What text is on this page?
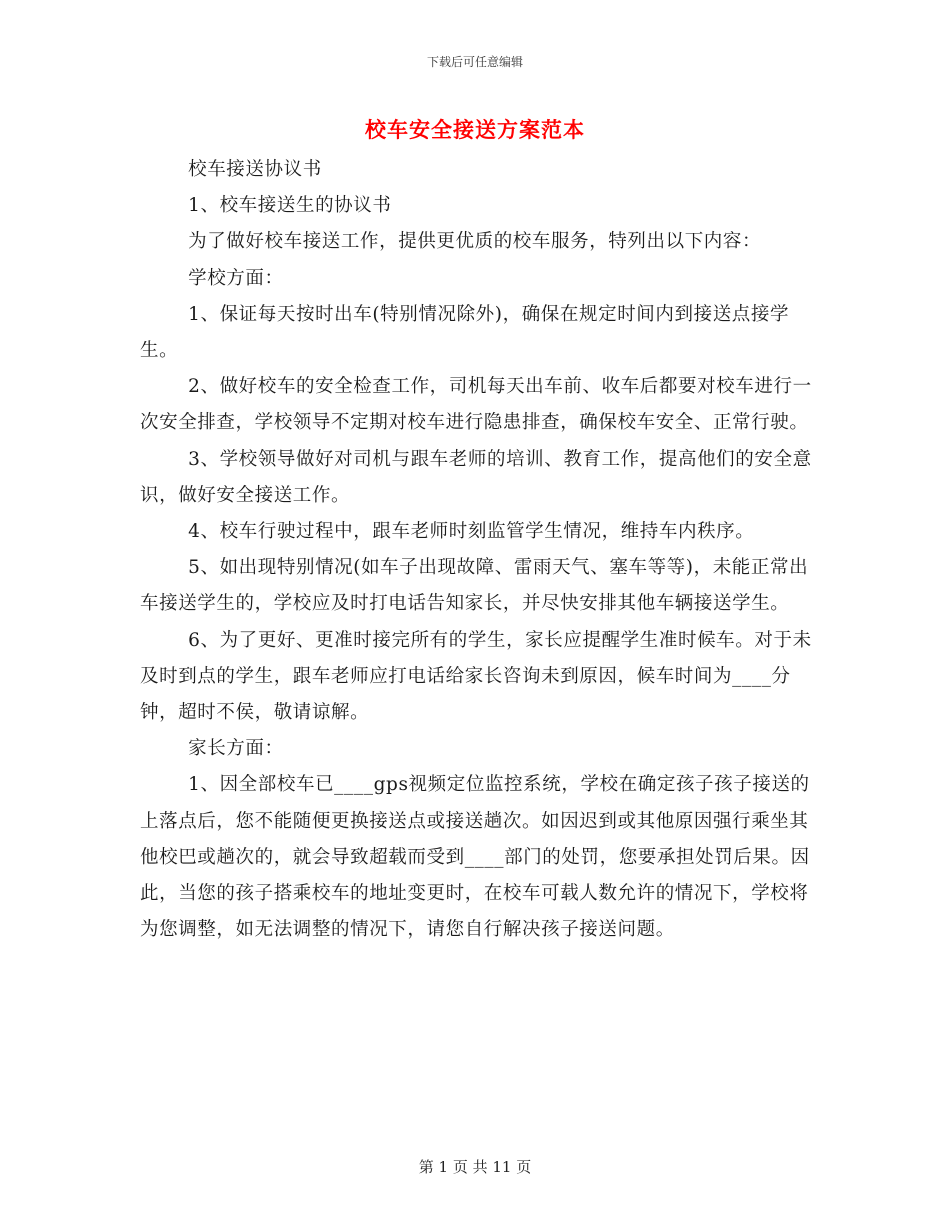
下载后可任意编辑
校车安全接送方案范本

校车接送协议书

1、校车接送生的协议书

为了做好校车接送工作，提供更优质的校车服务，特列出以下内容：

学校方面：

1、保证每天按时出车(特别情况除外)，确保在规定时间内到接送点接学生。

2、做好校车的安全检查工作，司机每天出车前、收车后都要对校车进行一次安全排查，学校领导不定期对校车进行隐患排查，确保校车安全、正常行驶。

3、学校领导做好对司机与跟车老师的培训、教育工作，提高他们的安全意识，做好安全接送工作。

4、校车行驶过程中，跟车老师时刻监管学生情况，维持车内秩序。

5、如出现特别情况(如车子出现故障、雷雨天气、塞车等等)，未能正常出车接送学生的，学校应及时打电话告知家长，并尽快安排其他车辆接送学生。

6、为了更好、更准时接完所有的学生，家长应提醒学生准时候车。对于未及时到点的学生，跟车老师应打电话给家长咨询未到原因，候车时间为____分钟，超时不侯，敬请谅解。

家长方面：

1、因全部校车已____gps视频定位监控系统，学校在确定孩子孩子接送的上落点后，您不能随便更换接送点或接送趟次。如因迟到或其他原因强行乘坐其他校巴或趟次的，就会导致超载而受到____部门的处罚，您要承担处罚后果。因此，当您的孩子搭乘校车的地址变更时，在校车可载人数允许的情况下，学校将为您调整，如无法调整的情况下，请您自行解决孩子接送问题。

第 1 页 共 11 页
